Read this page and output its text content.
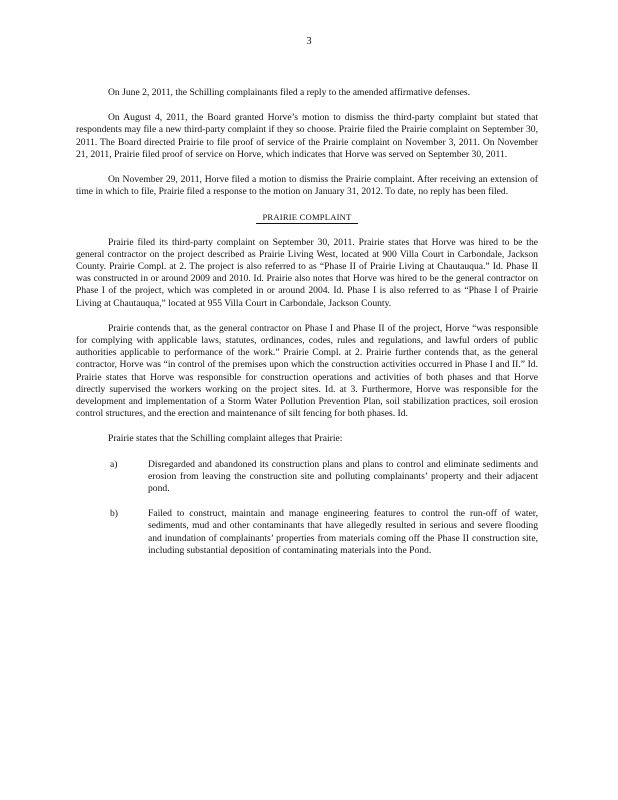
3

On June 2, 2011, the Schilling complainants filed a reply to the amended affirmative defenses.

On August 4, 2011, the Board granted Horve’s motion to dismiss the third-party complaint but stated that respondents may file a new third-party complaint if they so choose. Prairie filed the Prairie complaint on September 30, 2011. The Board directed Prairie to file proof of service of the Prairie complaint on November 3, 2011. On November 21, 2011, Prairie filed proof of service on Horve, which indicates that Horve was served on September 30, 2011.

On November 29, 2011, Horve filed a motion to dismiss the Prairie complaint. After receiving an extension of time in which to file, Prairie filed a response to the motion on January 31, 2012. To date, no reply has been filed.

PRAIRIE COMPLAINT

Prairie filed its third-party complaint on September 30, 2011. Prairie states that Horve was hired to be the general contractor on the project described as Prairie Living West, located at 900 Villa Court in Carbondale, Jackson County. Prairie Compl. at 2. The project is also referred to as “Phase II of Prairie Living at Chautauqua.” Id. Phase II was constructed in or around 2009 and 2010. Id. Prairie also notes that Horve was hired to be the general contractor on Phase I of the project, which was completed in or around 2004. Id. Phase I is also referred to as “Phase I of Prairie Living at Chautauqua,” located at 955 Villa Court in Carbondale, Jackson County.

Prairie contends that, as the general contractor on Phase I and Phase II of the project, Horve “was responsible for complying with applicable laws, statutes, ordinances, codes, rules and regulations, and lawful orders of public authorities applicable to performance of the work.” Prairie Compl. at 2. Prairie further contends that, as the general contractor, Horve was “in control of the premises upon which the construction activities occurred in Phase I and II.” Id. Prairie states that Horve was responsible for construction operations and activities of both phases and that Horve directly supervised the workers working on the project sites. Id. at 3. Furthermore, Horve was responsible for the development and implementation of a Storm Water Pollution Prevention Plan, soil stabilization practices, soil erosion control structures, and the erection and maintenance of silt fencing for both phases. Id.

Prairie states that the Schilling complaint alleges that Prairie:

a)	Disregarded and abandoned its construction plans and plans to control and eliminate sediments and erosion from leaving the construction site and polluting complainants’ property and their adjacent pond.
b)	Failed to construct, maintain and manage engineering features to control the run-off of water, sediments, mud and other contaminants that have allegedly resulted in serious and severe flooding and inundation of complainants’ properties from materials coming off the Phase II construction site, including substantial deposition of contaminating materials into the Pond.
